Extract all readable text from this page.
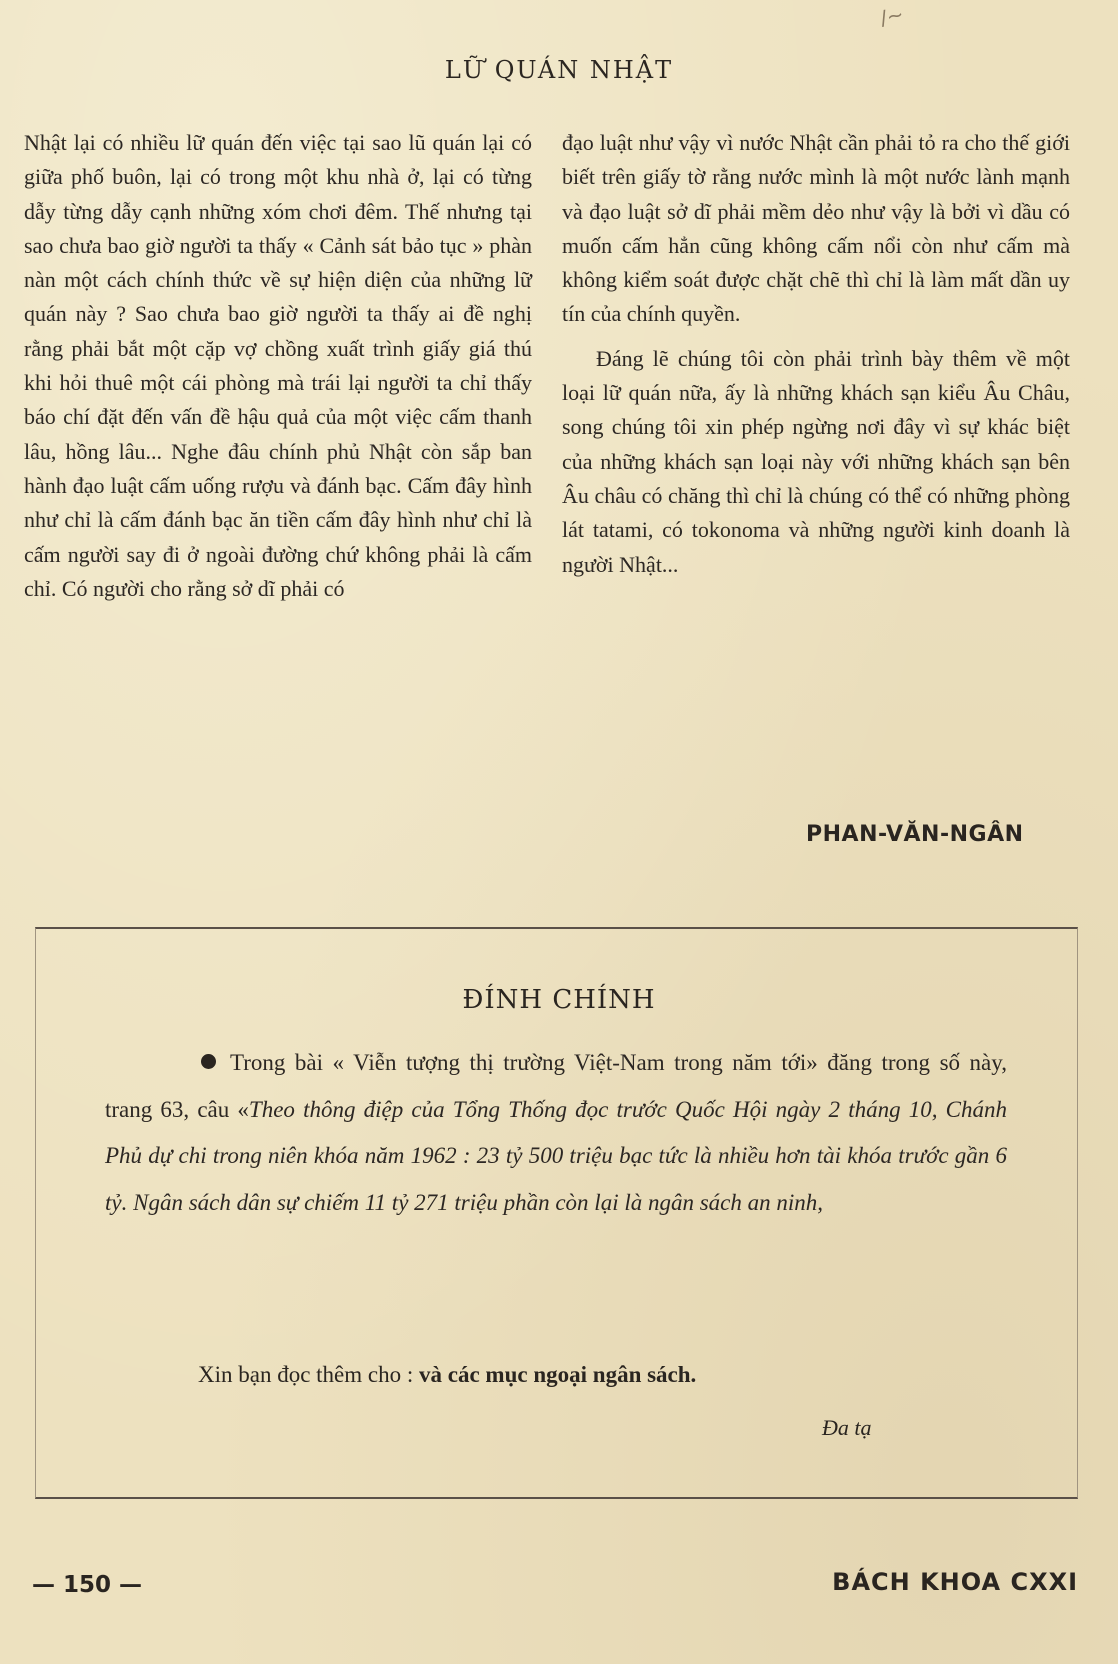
/~
LỮ QUÁN NHẬT

Nhật lại có nhiều lữ quán đến việc tại sao lũ quán lại có giữa phố buôn, lại có trong một khu nhà ở, lại có từng dẫy từng dẫy cạnh những xóm chơi đêm. Thế nhưng tại sao chưa bao giờ người ta thấy « Cảnh sát bảo tục » phàn nàn một cách chính thức về sự hiện diện của những lữ quán này ? Sao chưa bao giờ người ta thấy ai đề nghị rằng phải bắt một cặp vợ chồng xuất trình giấy giá thú khi hỏi thuê một cái phòng mà trái lại người ta chỉ thấy báo chí đặt đến vấn đề hậu quả của một việc cấm thanh lâu, hồng lâu... Nghe đâu chính phủ Nhật còn sắp ban hành đạo luật cấm uống rượu và đánh bạc. Cấm đây hình như chỉ là cấm đánh bạc ăn tiền cấm đây hình như chỉ là cấm người say đi ở ngoài đường chứ không phải là cấm chỉ. Có người cho rằng sở dĩ phải có

đạo luật như vậy vì nước Nhật cần phải tỏ ra cho thế giới biết trên giấy tờ rằng nước mình là một nước lành mạnh và đạo luật sở dĩ phải mềm dẻo như vậy là bởi vì dầu có muốn cấm hẳn cũng không cấm nổi còn như cấm mà không kiểm soát được chặt chẽ thì chỉ là làm mất dần uy tín của chính quyền.

Đáng lẽ chúng tôi còn phải trình bày thêm về một loại lữ quán nữa, ấy là những khách sạn kiểu Âu Châu, song chúng tôi xin phép ngừng nơi đây vì sự khác biệt của những khách sạn loại này với những khách sạn bên Âu châu có chăng thì chỉ là chúng có thể có những phòng lát tatami, có tokonoma và những người kinh doanh là người Nhật...

PHAN-VĂN-NGÂN
ĐÍNH CHÍNH

Trong bài « Viễn tượng thị trường Việt-Nam trong năm tới» đăng trong số này, trang 63, câu «Theo thông điệp của Tổng Thống đọc trước Quốc Hội ngày 2 tháng 10, Chánh Phủ dự chi trong niên khóa năm 1962 : 23 tỷ 500 triệu bạc tức là nhiều hơn tài khóa trước gần 6 tỷ. Ngân sách dân sự chiếm 11 tỷ 271 triệu phần còn lại là ngân sách an ninh,

Xin bạn đọc thêm cho : và các mục ngoại ngân sách.
Đa tạ
— 150 —	BÁCH KHOA CXXI
